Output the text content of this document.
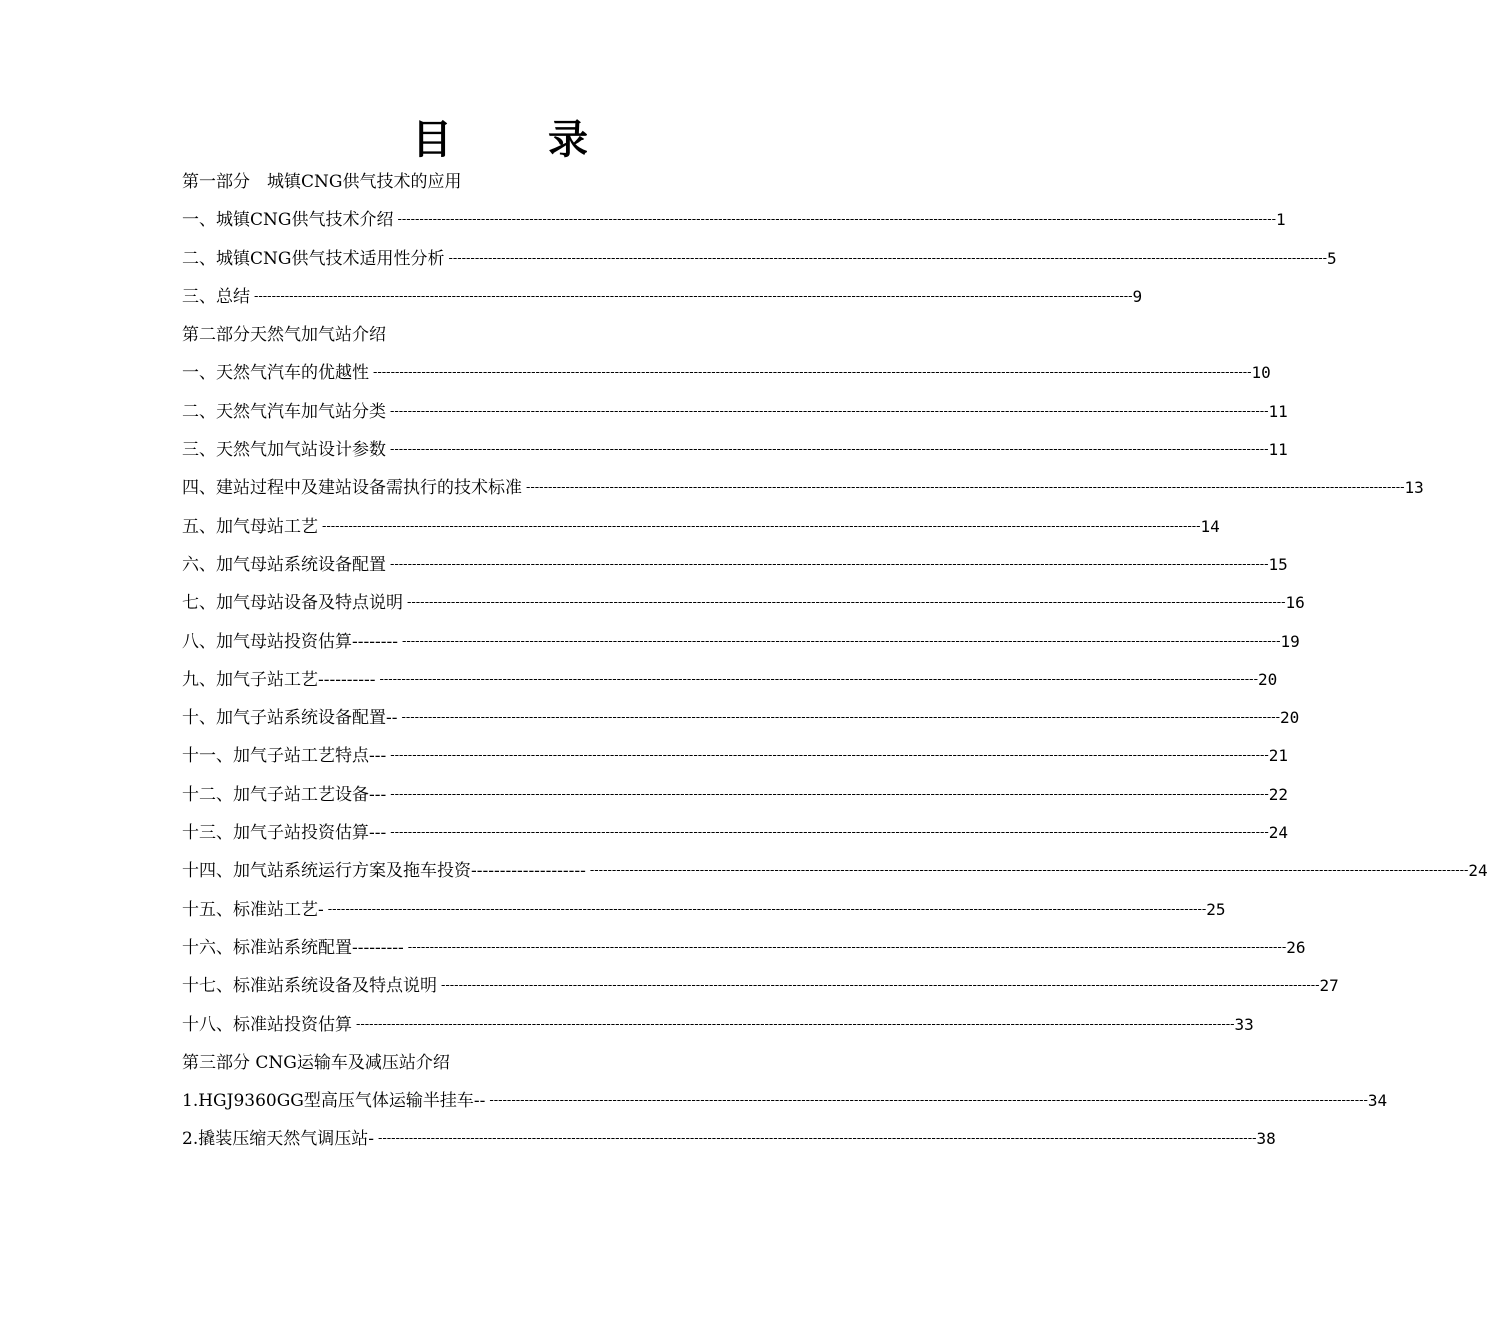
目 录
第一部分　城镇CNG供气技术的应用
一、城镇CNG供气技术介绍 -------------------------------------------------------------------------------------------------------------------------------------------------------------------------------------------------------- 1
二、城镇CNG供气技术适用性分析 -------------------------------------------------------------------------------------------------------------------------------------------------------------------------------------------------------- 5
三、总结 -------------------------------------------------------------------------------------------------------------------------------------------------------------------------------------------------------- 9
第二部分天然气加气站介绍
一、天然气汽车的优越性 -------------------------------------------------------------------------------------------------------------------------------------------------------------------------------------------------------- 10
二、天然气汽车加气站分类 -------------------------------------------------------------------------------------------------------------------------------------------------------------------------------------------------------- 11
三、天然气加气站设计参数 -------------------------------------------------------------------------------------------------------------------------------------------------------------------------------------------------------- 11
四、建站过程中及建站设备需执行的技术标准 -------------------------------------------------------------------------------------------------------------------------------------------------------------------------------------------------------- 13
五、加气母站工艺 -------------------------------------------------------------------------------------------------------------------------------------------------------------------------------------------------------- 14
六、加气母站系统设备配置 -------------------------------------------------------------------------------------------------------------------------------------------------------------------------------------------------------- 15
七、加气母站设备及特点说明 -------------------------------------------------------------------------------------------------------------------------------------------------------------------------------------------------------- 16
八、加气母站投资估算-------- -------------------------------------------------------------------------------------------------------------------------------------------------------------------------------------------------------- 19
九、加气子站工艺---------- -------------------------------------------------------------------------------------------------------------------------------------------------------------------------------------------------------- 20
十、加气子站系统设备配置-- -------------------------------------------------------------------------------------------------------------------------------------------------------------------------------------------------------- 20
十一、加气子站工艺特点--- -------------------------------------------------------------------------------------------------------------------------------------------------------------------------------------------------------- 21
十二、加气子站工艺设备--- -------------------------------------------------------------------------------------------------------------------------------------------------------------------------------------------------------- 22
十三、加气子站投资估算--- -------------------------------------------------------------------------------------------------------------------------------------------------------------------------------------------------------- 24
十四、加气站系统运行方案及拖车投资-------------------- -------------------------------------------------------------------------------------------------------------------------------------------------------------------------------------------------------- 24
十五、标准站工艺- -------------------------------------------------------------------------------------------------------------------------------------------------------------------------------------------------------- 25
十六、标准站系统配置--------- -------------------------------------------------------------------------------------------------------------------------------------------------------------------------------------------------------- 26
十七、标准站系统设备及特点说明 -------------------------------------------------------------------------------------------------------------------------------------------------------------------------------------------------------- 27
十八、标准站投资估算 -------------------------------------------------------------------------------------------------------------------------------------------------------------------------------------------------------- 33
第三部分 CNG运输车及减压站介绍
1.HGJ9360GG型高压气体运输半挂车-- -------------------------------------------------------------------------------------------------------------------------------------------------------------------------------------------------------- 34
2.撬装压缩天然气调压站- -------------------------------------------------------------------------------------------------------------------------------------------------------------------------------------------------------- 38
